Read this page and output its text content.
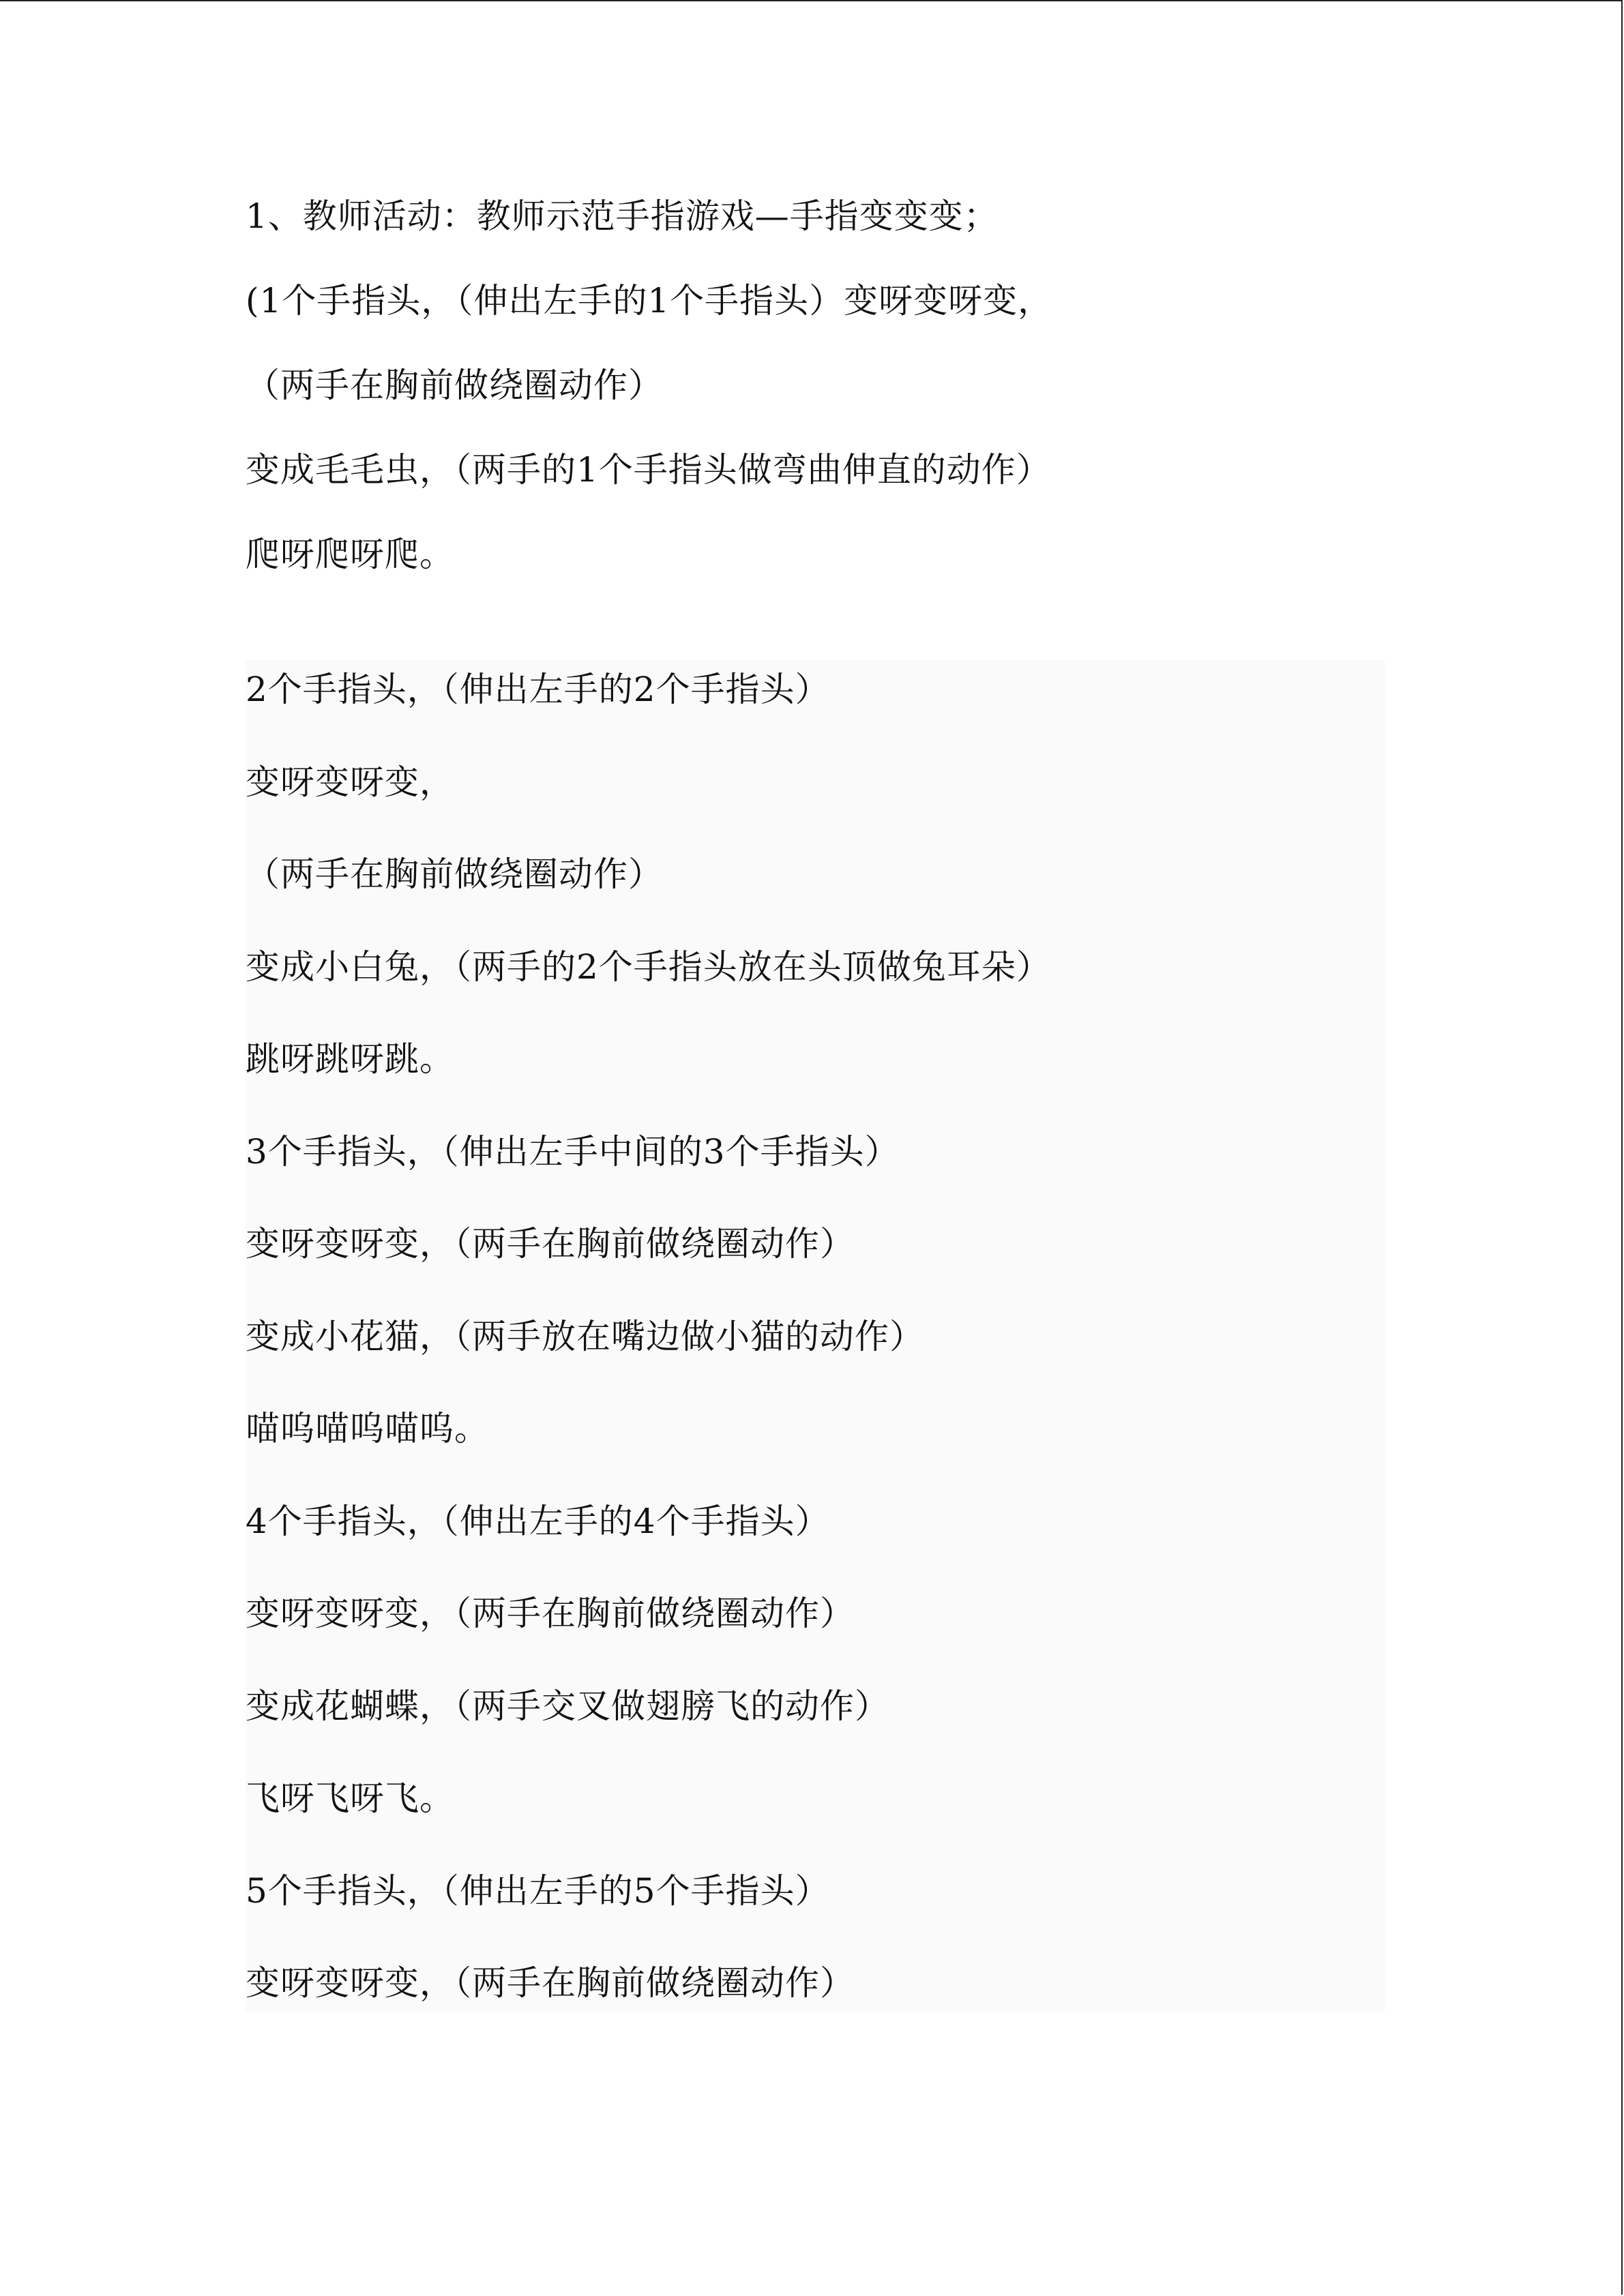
1、教师活动：教师示范手指游戏—手指变变变；
(1个手指头，（伸出左手的1个手指头）变呀变呀变，
（两手在胸前做绕圈动作）
变成毛毛虫，（两手的1个手指头做弯曲伸直的动作）
爬呀爬呀爬。
2个手指头，（伸出左手的2个手指头）
变呀变呀变，
（两手在胸前做绕圈动作）
变成小白兔，（两手的2个手指头放在头顶做兔耳朵）
跳呀跳呀跳。
3个手指头，（伸出左手中间的3个手指头）
变呀变呀变，（两手在胸前做绕圈动作）
变成小花猫，（两手放在嘴边做小猫的动作）
喵呜喵呜喵呜。
4个手指头，（伸出左手的4个手指头）
变呀变呀变，（两手在胸前做绕圈动作）
变成花蝴蝶，（两手交叉做翅膀飞的动作）
飞呀飞呀飞。
5个手指头，（伸出左手的5个手指头）
变呀变呀变，（两手在胸前做绕圈动作）
